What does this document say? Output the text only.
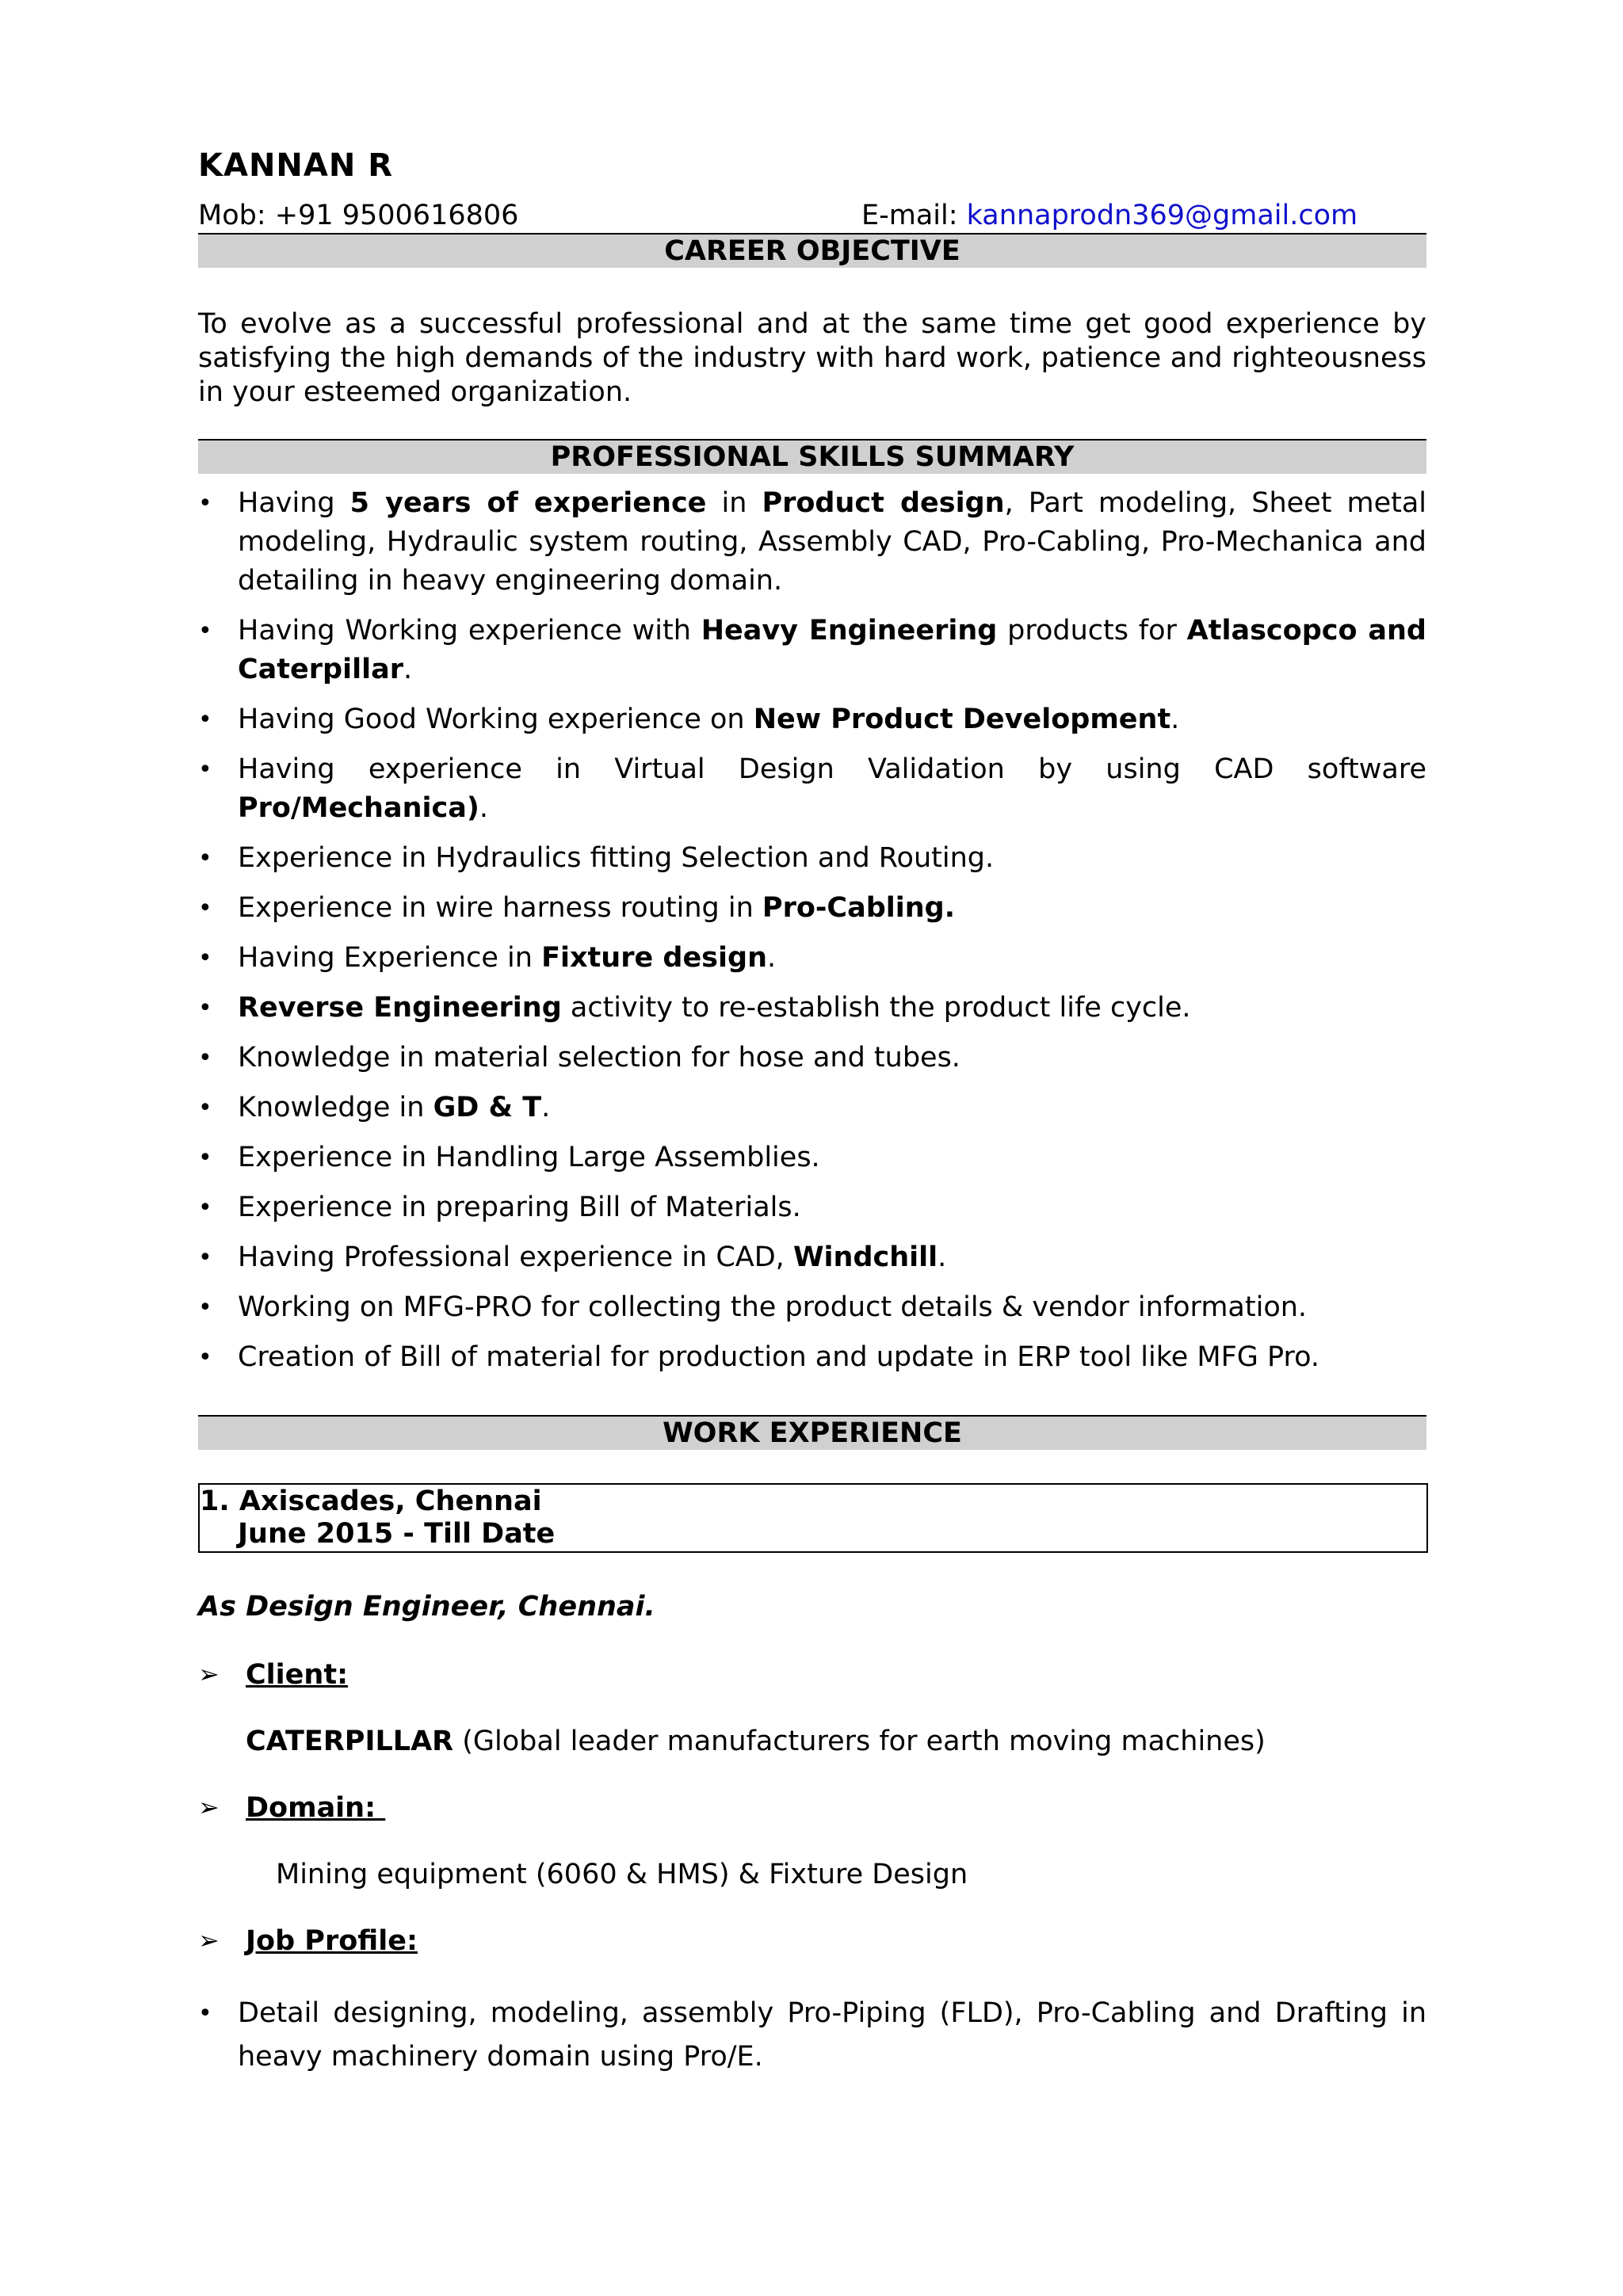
KANNAN R
Mob: +91 9500616806	E-mail: kannaprodn369@gmail.com
CAREER OBJECTIVE
To evolve as a successful professional and at the same time get good experience by satisfying the high demands of the industry with hard work, patience and righteousness in your esteemed organization.
PROFESSIONAL SKILLS SUMMARY
• Having 5 years of experience in Product design, Part modeling, Sheet metal modeling, Hydraulic system routing, Assembly CAD, Pro-Cabling, Pro-Mechanica and detailing in heavy engineering domain.
• Having Working experience with Heavy Engineering products for Atlascopco and Caterpillar.
• Having Good Working experience on New Product Development.
• Having experience in Virtual Design Validation by using CAD software Pro/Mechanica).
• Experience in Hydraulics fitting Selection and Routing.
• Experience in wire harness routing in Pro-Cabling.
• Having Experience in Fixture design.
• Reverse Engineering activity to re-establish the product life cycle.
• Knowledge in material selection for hose and tubes.
• Knowledge in GD & T.
• Experience in Handling Large Assemblies.
• Experience in preparing Bill of Materials.
• Having Professional experience in CAD, Windchill.
• Working on MFG-PRO for collecting the product details & vendor information.
• Creation of Bill of material for production and update in ERP tool like MFG Pro.
WORK EXPERIENCE
1. Axiscades, Chennai
June 2015 - Till Date
As Design Engineer, Chennai.
➢ Client:
CATERPILLAR (Global leader manufacturers for earth moving machines)
➢ Domain:
Mining equipment (6060 & HMS) & Fixture Design
➢ Job Profile:
• Detail designing, modeling, assembly Pro-Piping (FLD), Pro-Cabling and Drafting in heavy machinery domain using Pro/E.
